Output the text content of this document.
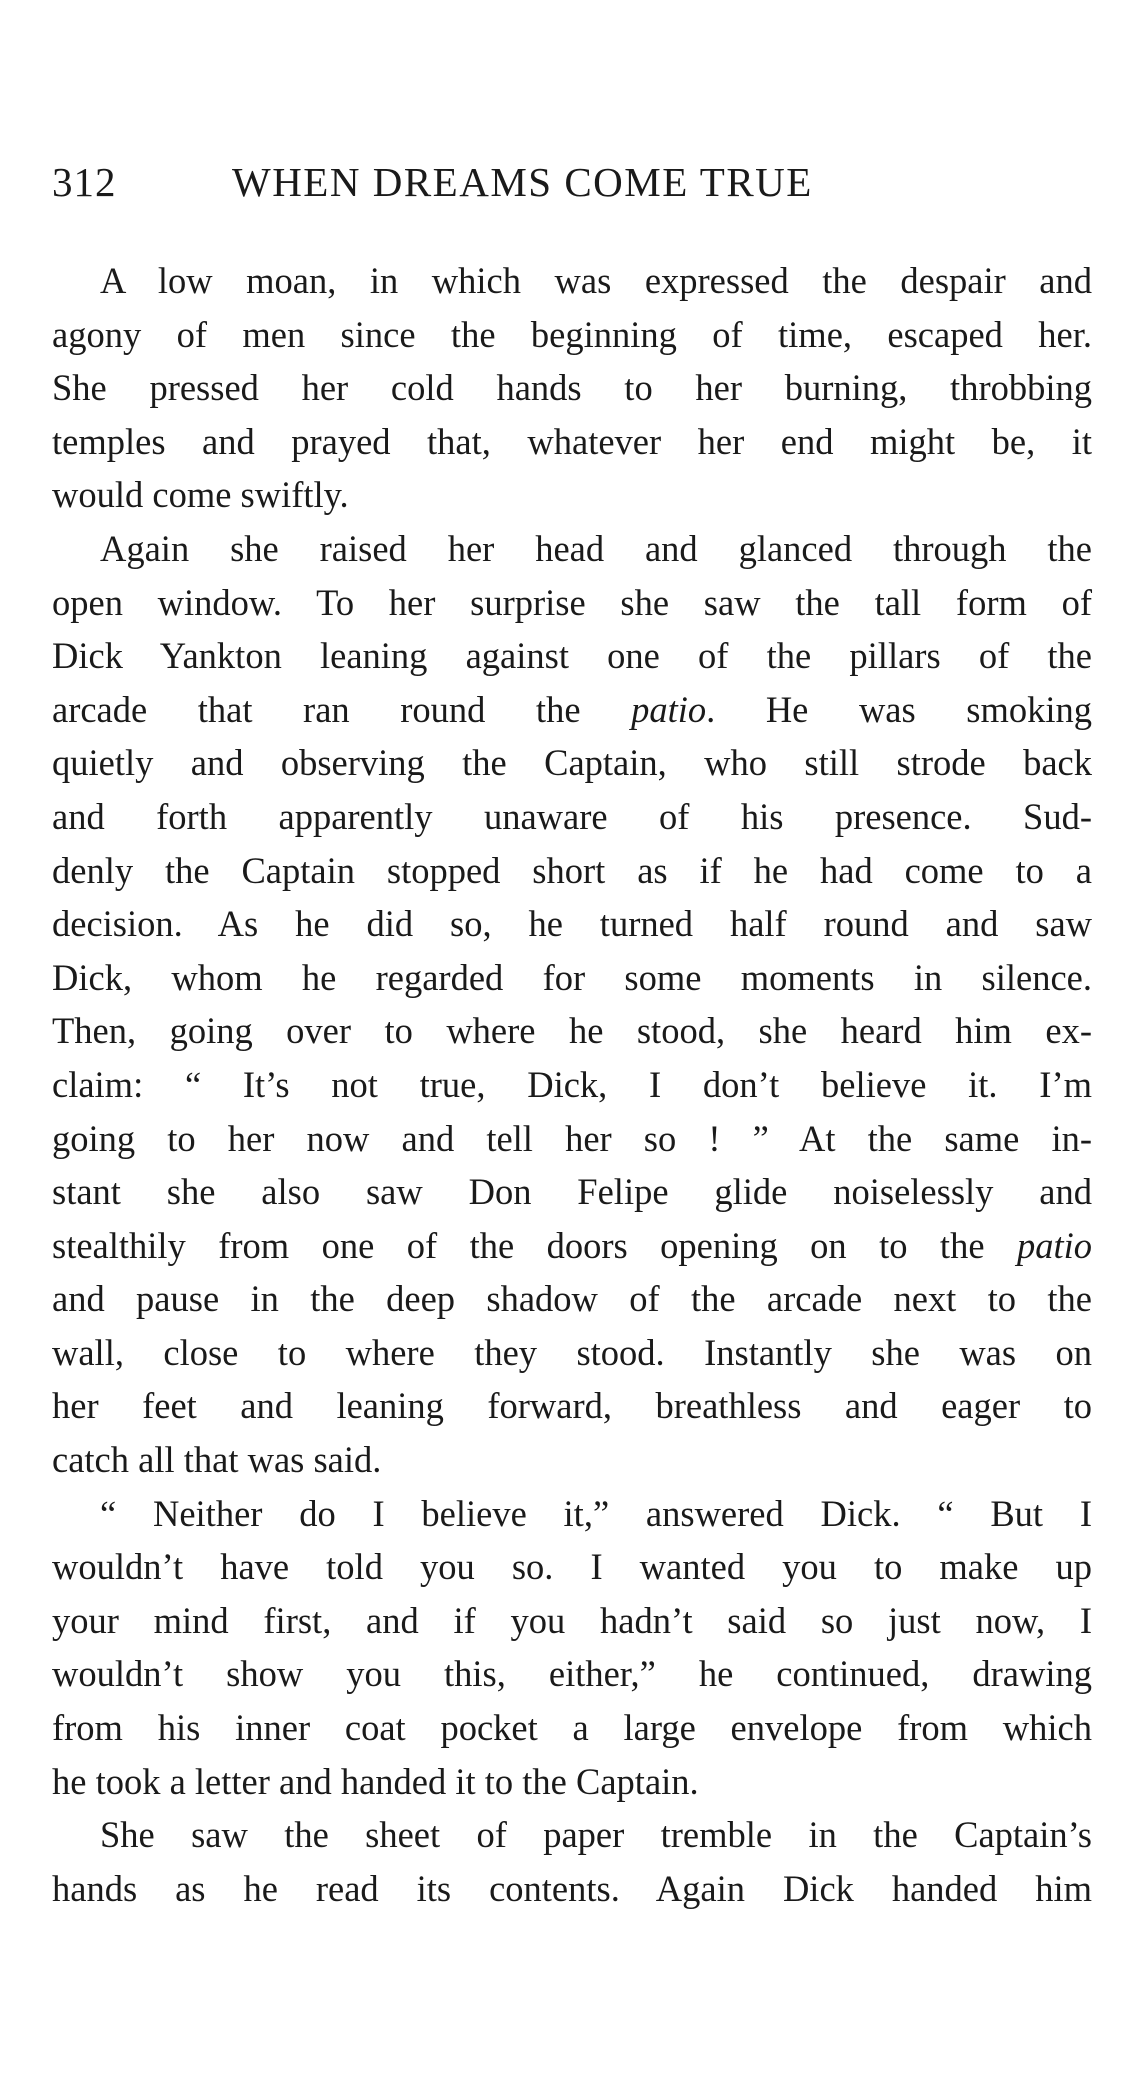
312	WHEN DREAMS COME TRUE
A low moan, in which was expressed the despair and
agony of men since the beginning of time, escaped her.
She pressed her cold hands to her burning, throbbing
temples and prayed that, whatever her end might be, it
would come swiftly.
Again she raised her head and glanced through the
open window. To her surprise she saw the tall form of
Dick Yankton leaning against one of the pillars of the
arcade that ran round the patio. He was smoking
quietly and observing the Captain, who still strode back
and forth apparently unaware of his presence. Sud-
denly the Captain stopped short as if he had come to a
decision. As he did so, he turned half round and saw
Dick, whom he regarded for some moments in silence.
Then, going over to where he stood, she heard him ex-
claim: “ It’s not true, Dick, I don’t believe it. I’m
going to her now and tell her so ! ” At the same in-
stant she also saw Don Felipe glide noiselessly and
stealthily from one of the doors opening on to the patio
and pause in the deep shadow of the arcade next to the
wall, close to where they stood. Instantly she was on
her feet and leaning forward, breathless and eager to
catch all that was said.
“ Neither do I believe it,” answered Dick. “ But I
wouldn’t have told you so. I wanted you to make up
your mind first, and if you hadn’t said so just now, I
wouldn’t show you this, either,” he continued, drawing
from his inner coat pocket a large envelope from which
he took a letter and handed it to the Captain.
She saw the sheet of paper tremble in the Captain’s
hands as he read its contents. Again Dick handed him
